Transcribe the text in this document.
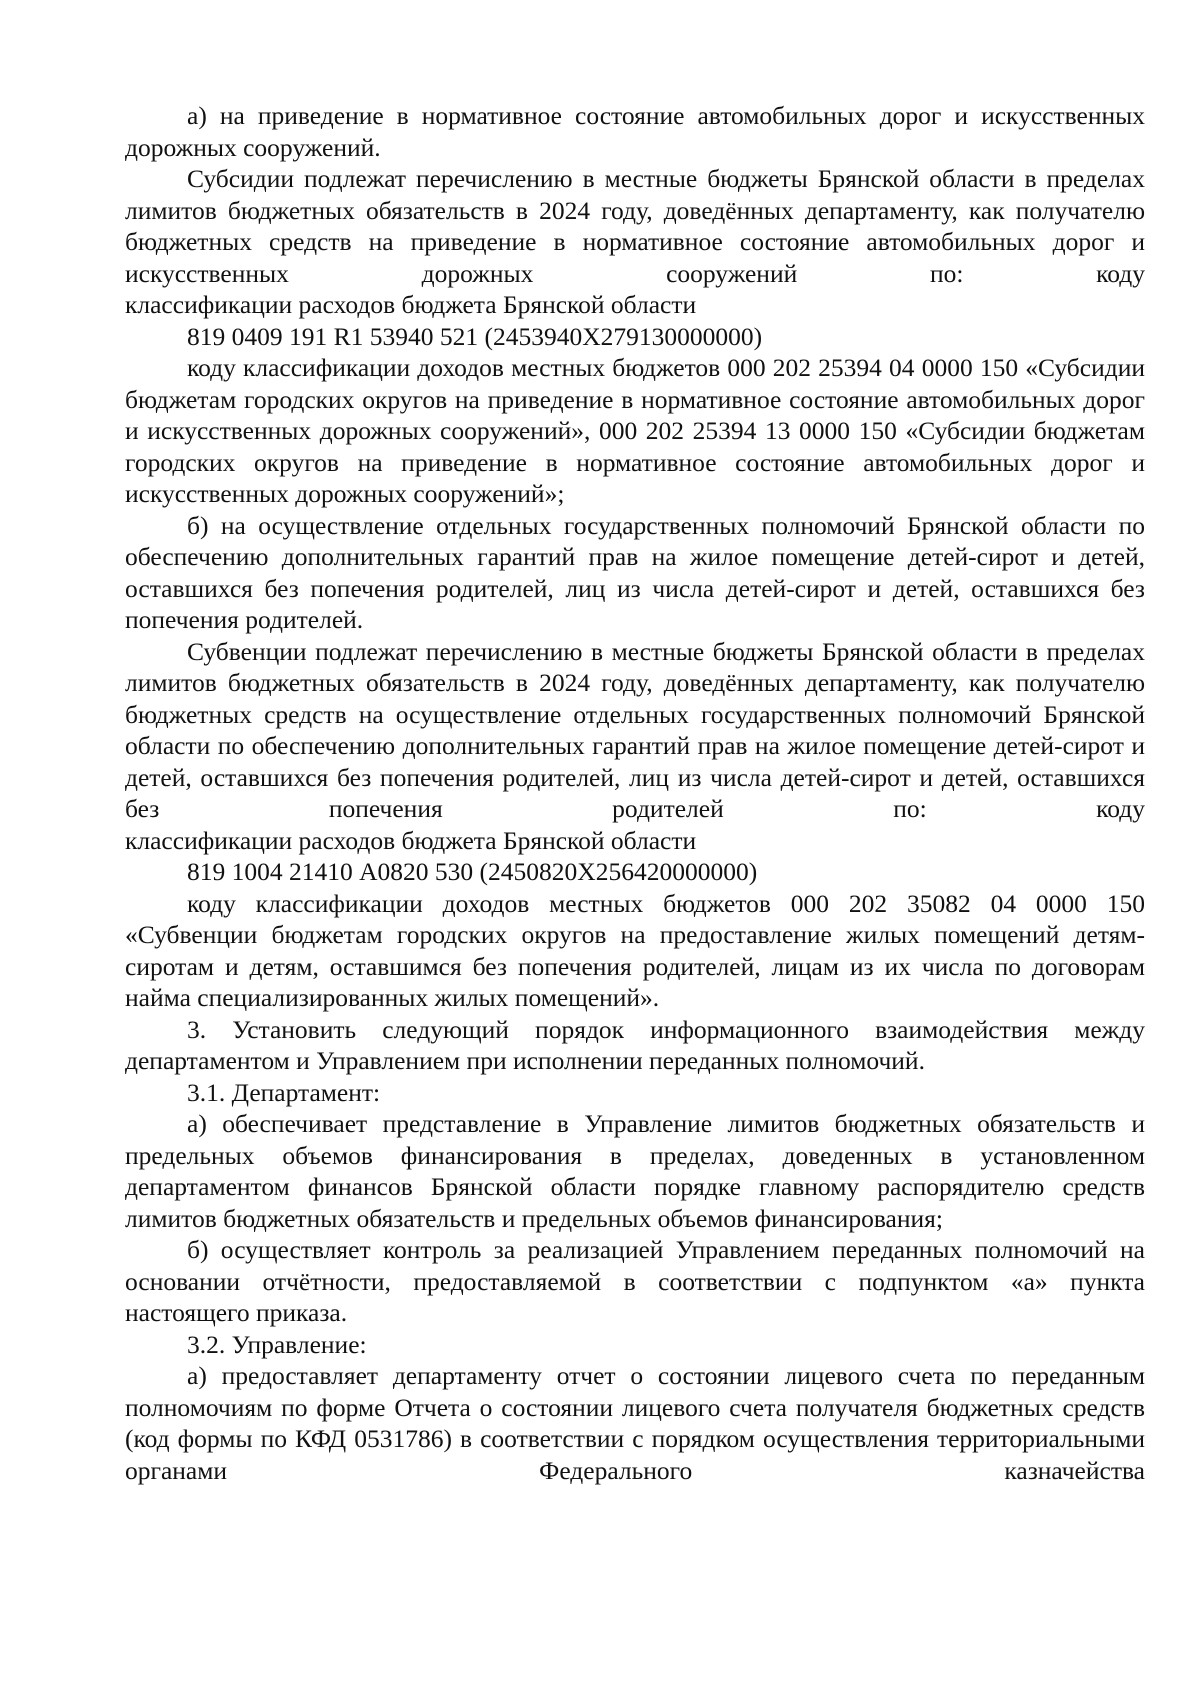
а) на приведение в нормативное состояние автомобильных дорог и искусственных дорожных сооружений.

Субсидии подлежат перечислению в местные бюджеты Брянской области в пределах лимитов бюджетных обязательств в 2024 году, доведённых департаменту, как получателю бюджетных средств на приведение в нормативное состояние автомобильных дорог и искусственных дорожных сооружений по: коду

классификации расходов бюджета Брянской области

819 0409 191 R1 53940 521 (2453940X279130000000)

коду классификации доходов местных бюджетов 000 202 25394 04 0000 150 «Субсидии бюджетам городских округов на приведение в нормативное состояние автомобильных дорог и искусственных дорожных сооружений», 000 202 25394 13 0000 150 «Субсидии бюджетам городских округов на приведение в нормативное состояние автомобильных дорог и искусственных дорожных сооружений»;

б) на осуществление отдельных государственных полномочий Брянской области по обеспечению дополнительных гарантий прав на жилое помещение детей-сирот и детей, оставшихся без попечения родителей, лиц из числа детей-сирот и детей, оставшихся без попечения родителей.

Субвенции подлежат перечислению в местные бюджеты Брянской области в пределах лимитов бюджетных обязательств в 2024 году, доведённых департаменту, как получателю бюджетных средств на осуществление отдельных государственных полномочий Брянской области по обеспечению дополнительных гарантий прав на жилое помещение детей-сирот и детей, оставшихся без попечения родителей, лиц из числа детей-сирот и детей, оставшихся без попечения родителей по: коду

классификации расходов бюджета Брянской области

819 1004 21410 А0820 530 (2450820X256420000000)

коду классификации доходов местных бюджетов 000 202 35082 04 0000 150 «Субвенции бюджетам городских округов на предоставление жилых помещений детям-сиротам и детям, оставшимся без попечения родителей, лицам из их числа по договорам найма специализированных жилых помещений».

3. Установить следующий порядок информационного взаимодействия между департаментом и Управлением при исполнении переданных полномочий.

3.1. Департамент:

а) обеспечивает представление в Управление лимитов бюджетных обязательств и предельных объемов финансирования в пределах, доведенных в установленном департаментом финансов Брянской области порядке главному распорядителю средств лимитов бюджетных обязательств и предельных объемов финансирования;

б) осуществляет контроль за реализацией Управлением переданных полномочий на основании отчётности, предоставляемой в соответствии с подпунктом «а» пункта настоящего приказа.

3.2. Управление:

а) предоставляет департаменту отчет о состоянии лицевого счета по переданным полномочиям по форме Отчета о состоянии лицевого счета получателя бюджетных средств (код формы по КФД 0531786) в соответствии с порядком осуществления территориальными органами Федерального казначейства
